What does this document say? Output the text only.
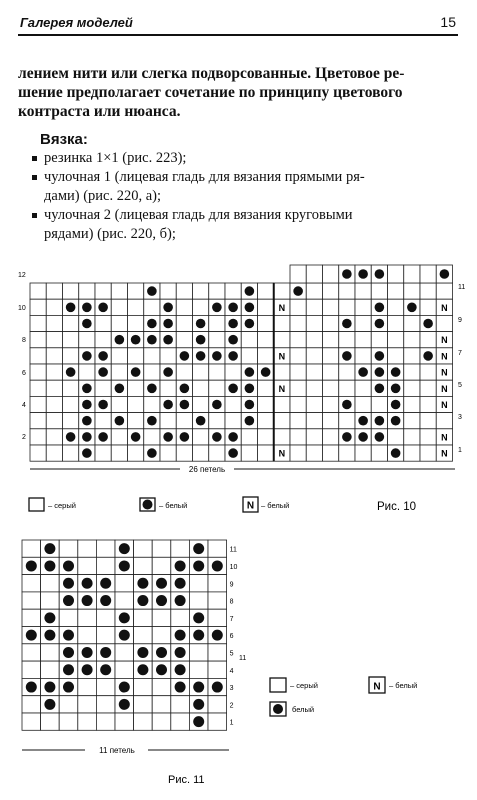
Галерея моделей	15
лением нити или слегка подворсованные. Цветовое ре-
шение предполагает сочетание по принципу цветового
контраста или нюанса.
Вязка:
резинка 1×1 (рис. 223);
чулочная 1 (лицевая гладь для вязания прямыми ря-
дами) (рис. 220, а);
чулочная 2 (лицевая гладь для вязания круговыми
рядами) (рис. 220, б);
N
N
N
N
N
N
N
N
N
N
N
N
12
10
8
6
4
2
11
9
7
5
3
1
26 петель
– серый	– белый	N – белый	Рис. 10
11
10
9
8
7
6
5
4
3
2
1
11
11 петель
Рис. 11
– серый	N – белый
белый
